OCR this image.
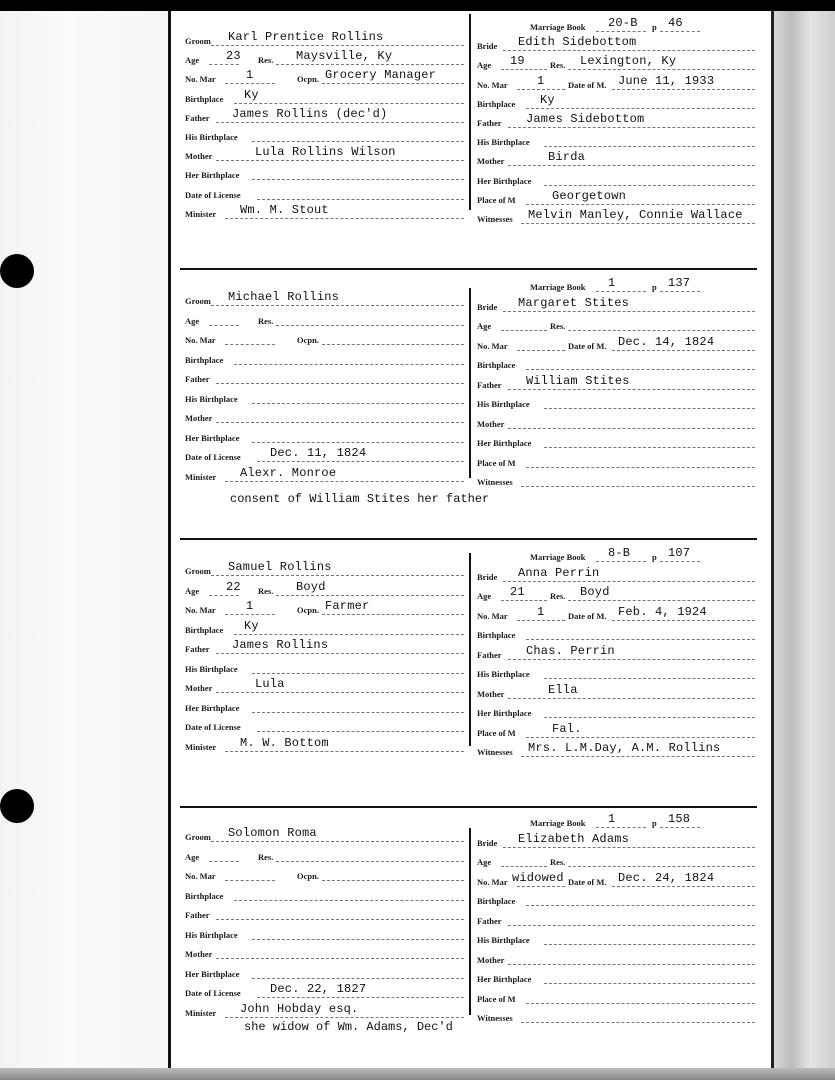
Groom Karl Prentice Rollins
Age 23 Res. Maysville, Ky
No. Mar	1	Ocpn. Grocery Manager
Birthplace Ky
Father James Rollins (dec'd)
His Birthplace
Mother	Lula Rollins Wilson
Her Birthplace
Date of License
Minister Wm. M. Stout
Marriage Book 20-B p 46
Bride Edith Sidebottom
Age 19	Res. Lexington, Ky
No. Mar 1	Date of M. June 11, 1933
Birthplace Ky
Father James Sidebottom
His Birthplace
Mother	Birda
Her Birthplace
Place of M	Georgetown
Witnesses Melvin Manley, Connie Wallace
Groom Michael Rollins
Age	Res.
No. Mar	Ocpn.
Birthplace
Father
His Birthplace
Mother
Her Birthplace
Date of License Dec. 11, 1824
Minister Alexr. Monroe
Marriage Book 1	p 137
Bride Margaret Stites
Age	Res.
No. Mar	Date of M. Dec. 14, 1824
Birthplace
Father William Stites
His Birthplace
Mother
Her Birthplace
Place of M
Witnesses
consent of William Stites her father
Groom Samuel Rollins
Age 22 Res. Boyd
No. Mar	1	Ocpn. Farmer
Birthplace Ky
Father James Rollins
His Birthplace
Mother	Lula
Her Birthplace
Date of License
Minister M. W. Bottom
Marriage Book 8-B	p 107
Bride Anna Perrin
Age 21	Res. Boyd
No. Mar 1	Date of M. Feb. 4, 1924
Birthplace
Father Chas. Perrin
His Birthplace
Mother	Ella
Her Birthplace
Place of M	Fal.
Witnesses Mrs. L.M.Day, A.M. Rollins
Groom Solomon Roma
Age	Res.
No. Mar	Ocpn.
Birthplace
Father
His Birthplace
Mother
Her Birthplace
Date of License Dec. 22, 1827
Minister John Hobday esq.
Marriage Book 1	p 158
Bride Elizabeth Adams
Age	Res.
No. Mar widowed Date of M. Dec. 24, 1824
Birthplace
Father
His Birthplace
Mother
Her Birthplace
Place of M
Witnesses
she widow of Wm. Adams, Dec'd
